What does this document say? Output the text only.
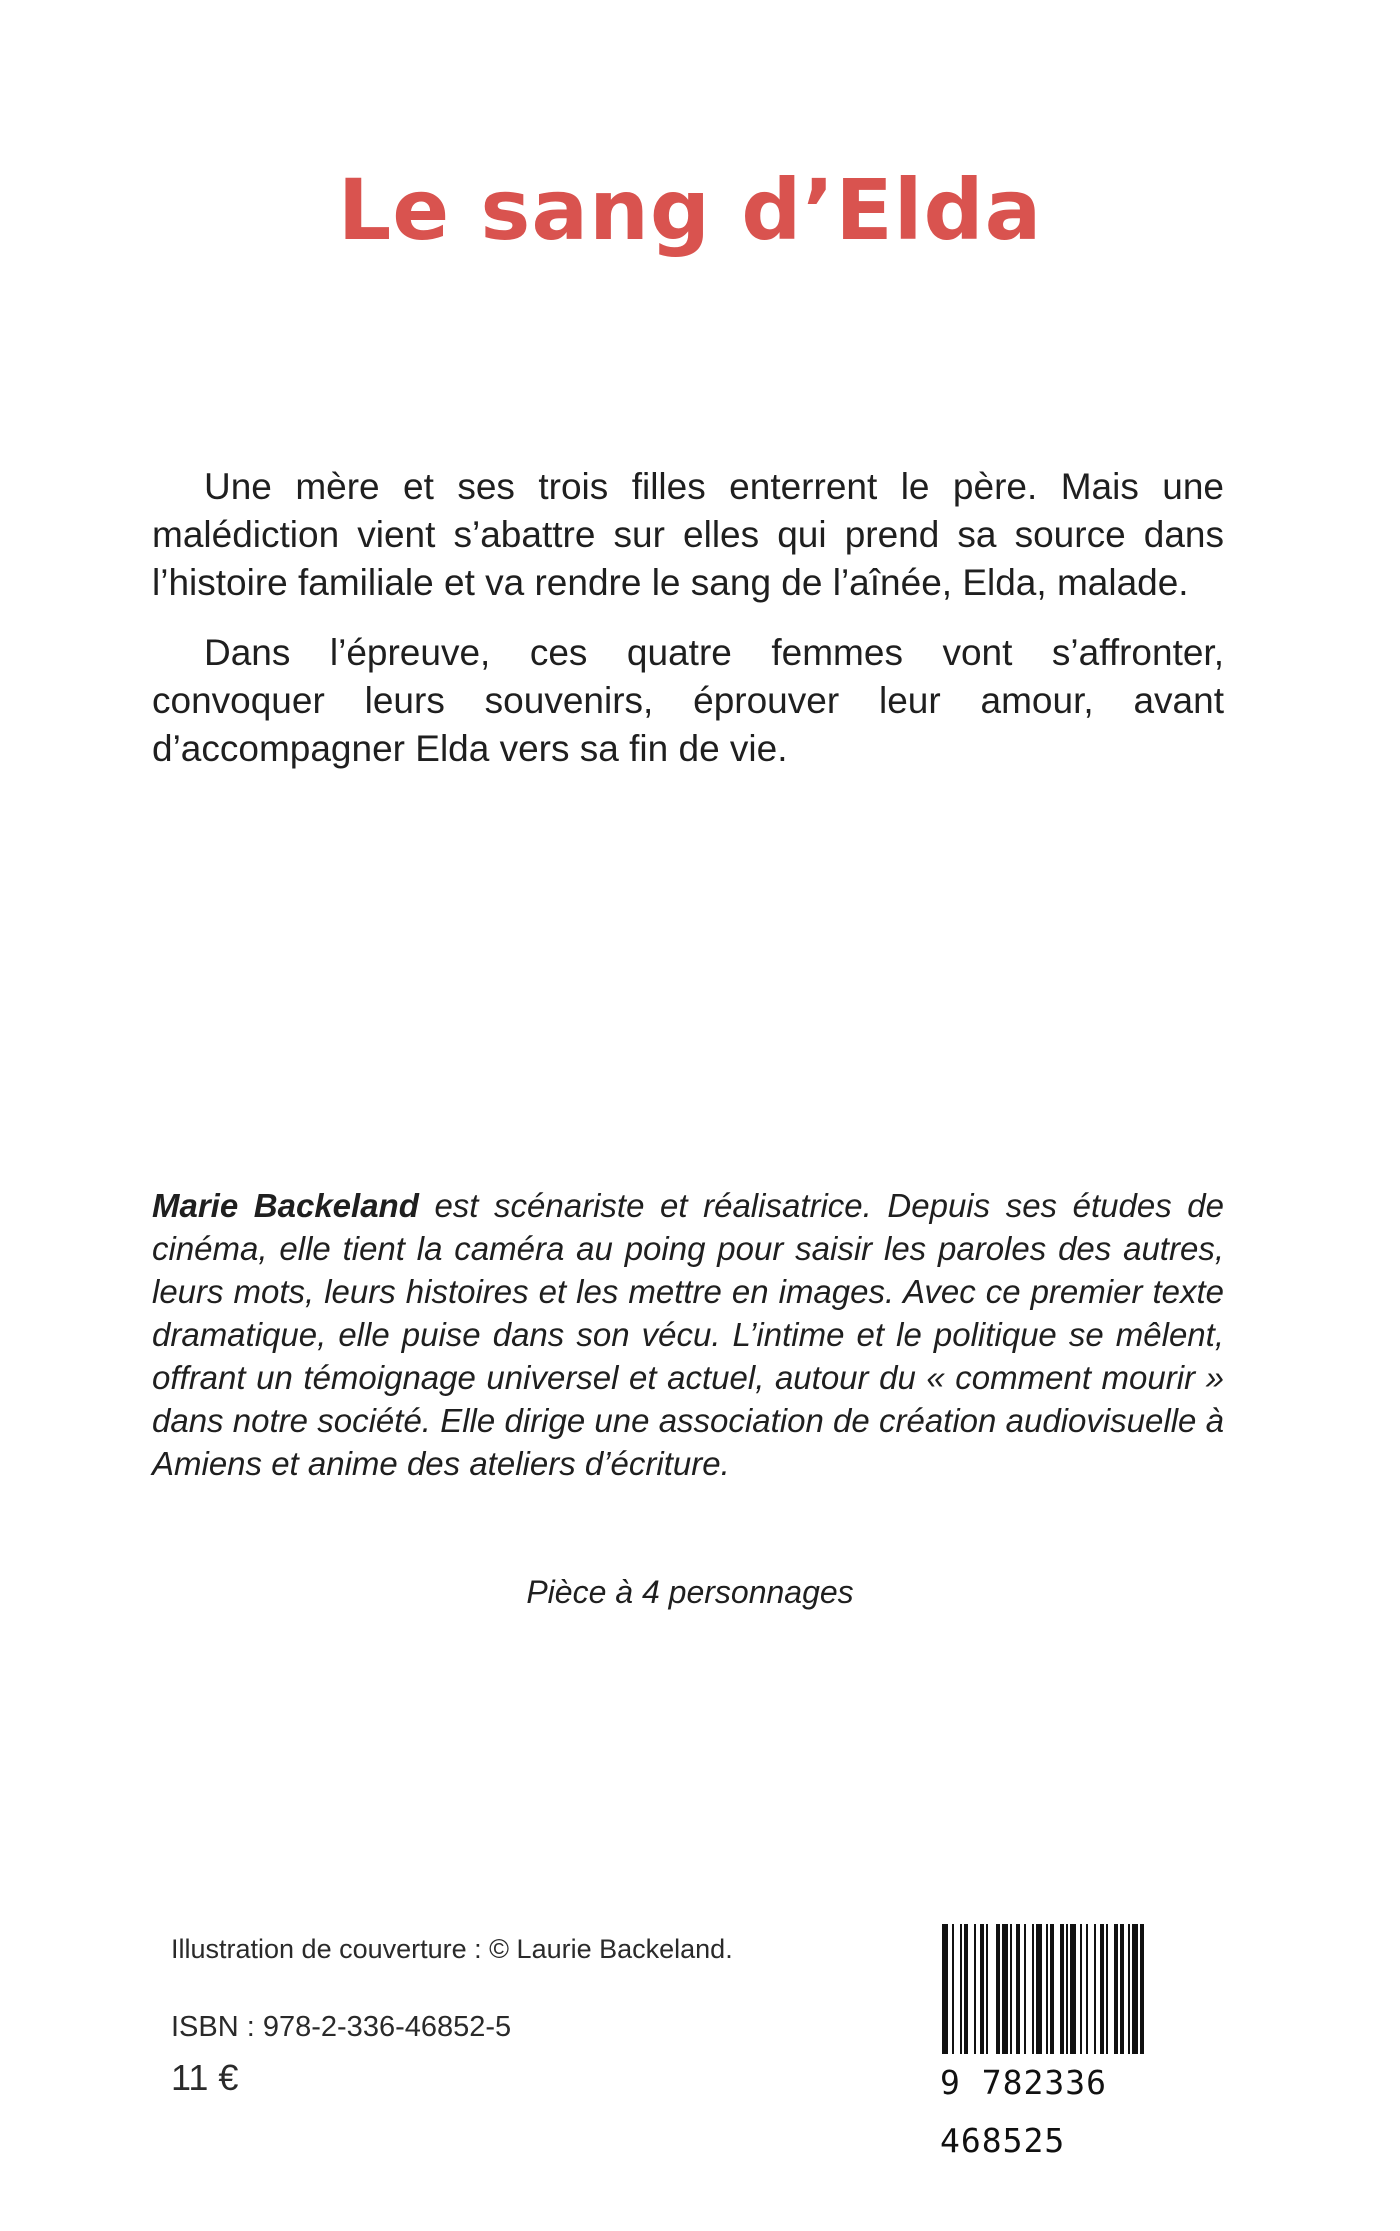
Le sang d’Elda

Une mère et ses trois filles enterrent le père. Mais une malédiction vient s’abattre sur elles qui prend sa source dans l’histoire familiale et va rendre le sang de l’aînée, Elda, malade.

Dans l’épreuve, ces quatre femmes vont s’affronter, convoquer leurs souvenirs, éprouver leur amour, avant d’accompagner Elda vers sa fin de vie.

Marie Backeland est scénariste et réalisatrice. Depuis ses études de cinéma, elle tient la caméra au poing pour saisir les paroles des autres, leurs mots, leurs histoires et les mettre en images. Avec ce premier texte dramatique, elle puise dans son vécu. L’intime et le politique se mêlent, offrant un témoignage universel et actuel, autour du « comment mourir » dans notre société. Elle dirige une association de création audiovisuelle à Amiens et anime des ateliers d’écriture.

Pièce à 4 personnages

Illustration de couverture : © Laurie Backeland.

ISBN : 978-2-336-46852-5

11 €	9 782336 468525
